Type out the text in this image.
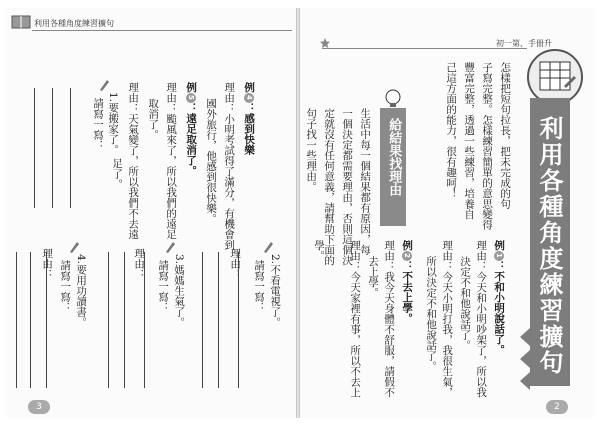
利用各種角度練習擴句
例4：感到快樂
理由：小明考試得了滿分，有機會到
國外旅行，他感到很快樂。
例5：遠足取消了。
理由：颱風來了，所以我們的遠足
取消了。
1.要搬家了。
請寫一寫：
理由：天氣變了，所以我們不去遠
足了。
2.不看電視了。
請寫一寫：
理由：
3.媽媽生氣了。
請寫一寫：
理由：
4.要用功讀書。
請寫一寫：
理由：
3
初一第、手冊升
利用各種角度練習擴句
怎樣把短句拉長，把未完成的句
子寫完整。怎樣練習簡單的意思變得
豐富完整，透過一些練習，培養自
己這方面的能力，很有趣呵！
給結果找理由
生活中每一個結果都有原因，每
一個決定都需要理由，否則這個決
定就沒有任何意義，請幫助下面的
句子找一些理由。
例1：不和小明說話了。
理由：今天和小明吵架了，所以我
決定不和他說話了。
理由：今天小明打我，我很生氣，
所以決定不和他說話了。
例2：不去上學。
理由：我今天身體不舒服，請假不
去上學。
理由：今天家裡有事，所以不去上
學。
2
